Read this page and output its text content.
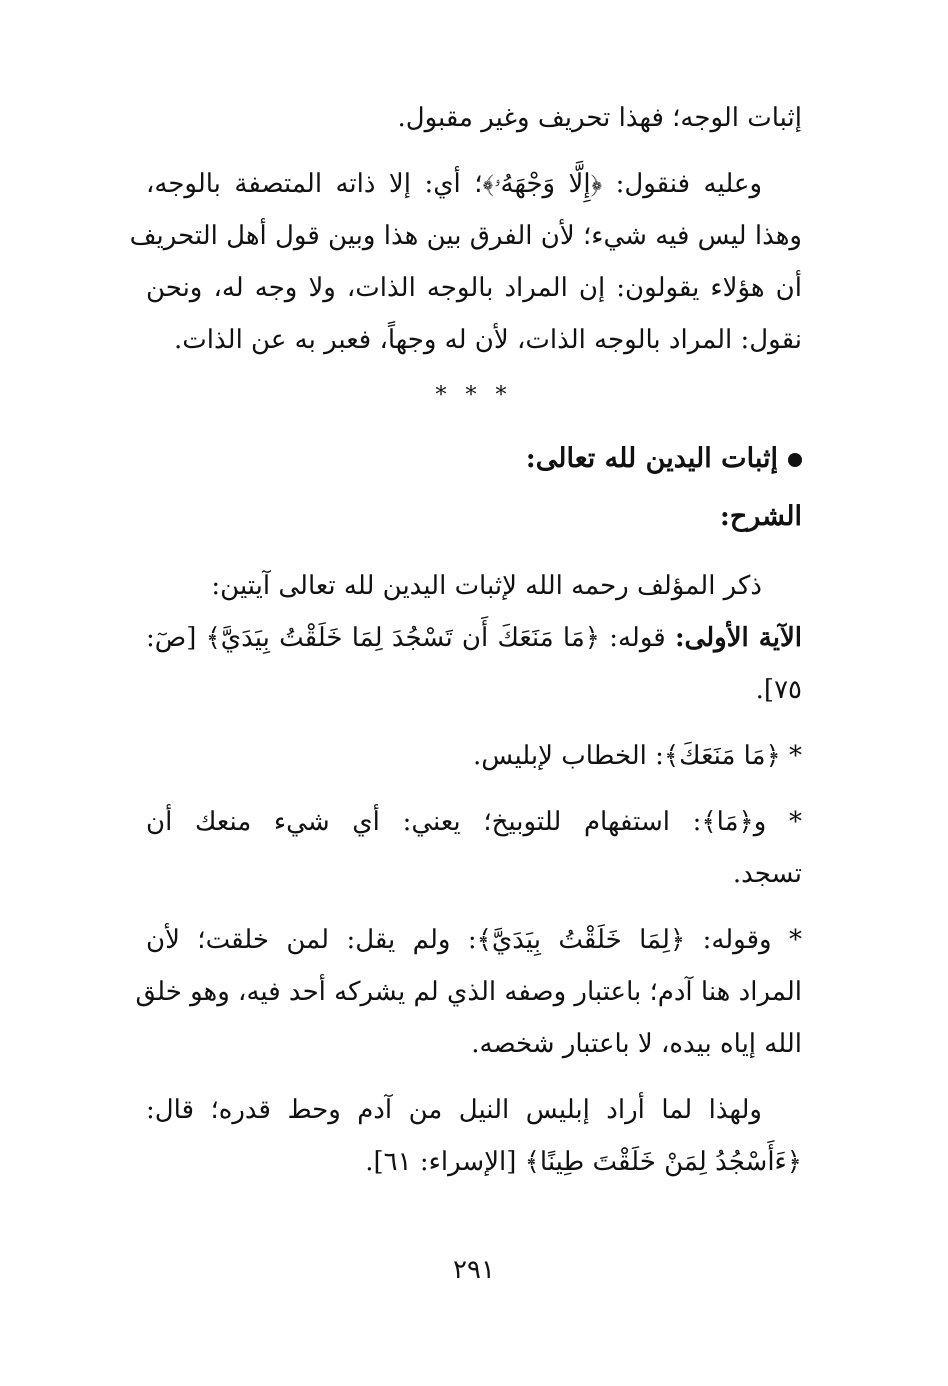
إثبات الوجه؛ فهذا تحريف وغير مقبول.

وعليه فنقول: ﴿إِلَّا وَجْهَهُۥ﴾؛ أي: إلا ذاته المتصفة بالوجه،

وهذا ليس فيه شيء؛ لأن الفرق بين هذا وبين قول أهل التحريف

أن هؤلاء يقولون: إن المراد بالوجه الذات، ولا وجه له، ونحن

نقول: المراد بالوجه الذات، لأن له وجهاً، فعبر به عن الذات.

* * *

إثبات اليدين لله تعالى:

الشرح:

ذكر المؤلف رحمه الله لإثبات اليدين لله تعالى آيتين:

الآية الأولى: قوله: ﴿مَا مَنَعَكَ أَن تَسْجُدَ لِمَا خَلَقْتُ بِيَدَيَّ﴾ [صٓ:

٧٥].

* ﴿مَا مَنَعَكَ﴾: الخطاب لإبليس.

* و﴿مَا﴾: استفهام للتوبيخ؛ يعني: أي شيء منعك أن

تسجد.

* وقوله: ﴿لِمَا خَلَقْتُ بِيَدَيَّ﴾: ولم يقل: لمن خلقت؛ لأن

المراد هنا آدم؛ باعتبار وصفه الذي لم يشركه أحد فيه، وهو خلق

الله إياه بيده، لا باعتبار شخصه.

ولهذا لما أراد إبليس النيل من آدم وحط قدره؛ قال:

﴿ءَأَسْجُدُ لِمَنْ خَلَقْتَ طِينًا﴾ [الإسراء: ٦١].

٢٩١
